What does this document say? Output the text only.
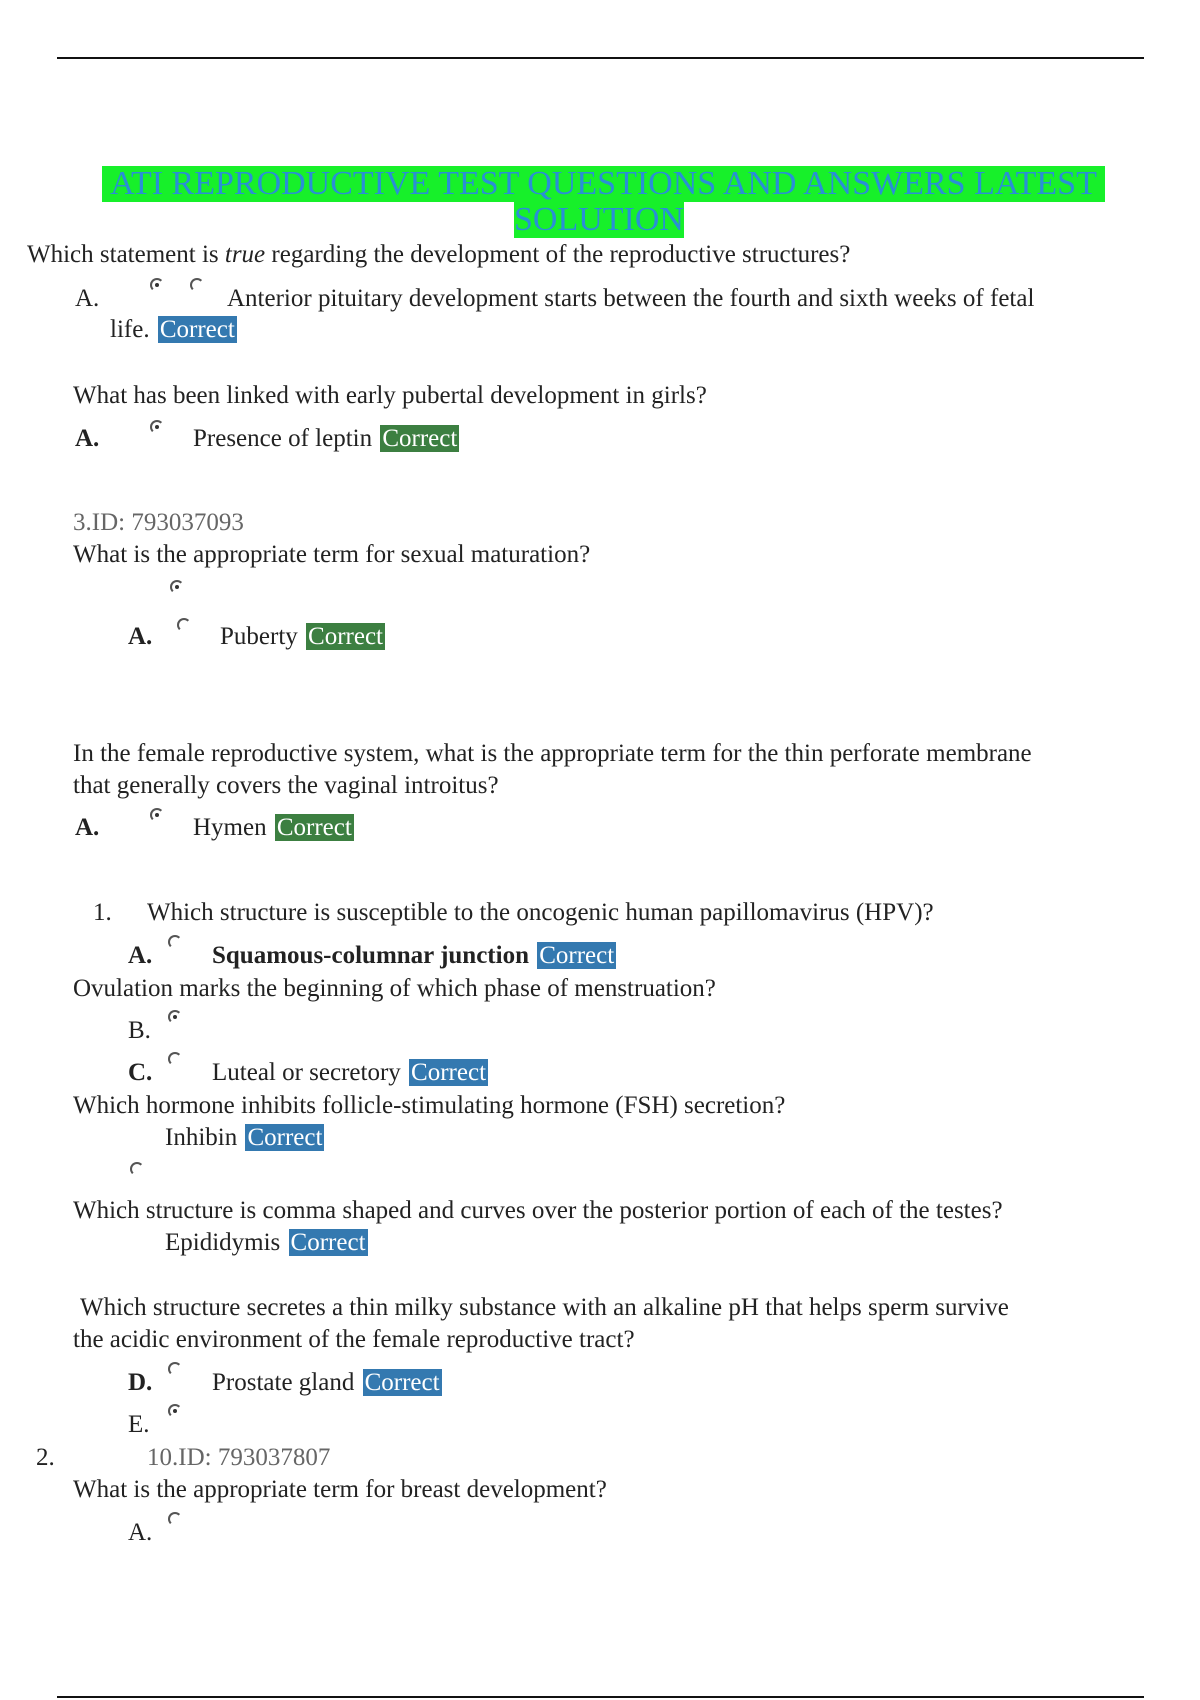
ATI REPRODUCTIVE TEST QUESTIONS AND ANSWERS LATEST
SOLUTION
Which statement is true regarding the development of the reproductive structures?
A.	Anterior pituitary development starts between the fourth and sixth weeks of fetal
life. Correct
What has been linked with early pubertal development in girls?
A.	Presence of leptin Correct
3.ID: 793037093
What is the appropriate term for sexual maturation?
A.	Puberty Correct
In the female reproductive system, what is the appropriate term for the thin perforate membrane
that generally covers the vaginal introitus?
A.	Hymen Correct
1. Which structure is susceptible to the oncogenic human papillomavirus (HPV)?
A. Squamous-columnar junction Correct
Ovulation marks the beginning of which phase of menstruation?
B.
C. Luteal or secretory Correct
Which hormone inhibits follicle-stimulating hormone (FSH) secretion?
Inhibin Correct
Which structure is comma shaped and curves over the posterior portion of each of the testes?
Epididymis Correct
Which structure secretes a thin milky substance with an alkaline pH that helps sperm survive
the acidic environment of the female reproductive tract?
D. Prostate gland Correct
E.
2.	10.ID: 793037807
What is the appropriate term for breast development?
A.
